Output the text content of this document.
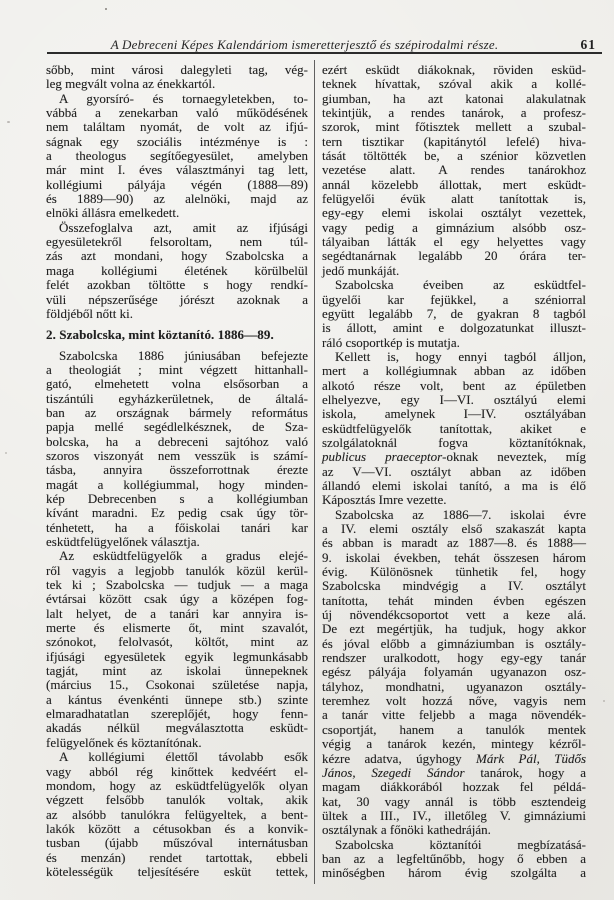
A Debreceni Képes Kalendáriom ismeretterjesztő és szépirodalmi része.	61
sőbb, mint városi dalegyleti tag, vég-
leg megvált volna az énekkartól.
A gyorsíró- és tornaegyletekben, to-
vábbá a zenekarban való működésének
nem találtam nyomát, de volt az ifjú-
ságnak egy szociális intézménye is :
a theologus segítőegyesület, amelyben
már mint I. éves választmányi tag lett,
kollégiumi pályája végén (1888—89)
és 1889—90) az alelnöki, majd az
elnöki állásra emelkedett.
Összefoglalva azt, amit az ifjúsági
egyesületekről felsoroltam, nem túl-
zás azt mondani, hogy Szabolcska a
maga kollégiumi életének körülbelül
felét azokban töltötte s hogy rendkí-
vüli népszerűsége jórészt azoknak a
földjéből nőtt ki.
2. Szabolcska, mint köztanító. 1886—89.
Szabolcska 1886 júniusában befejezte
a theologiát ; mint végzett hittanhall-
gató, elmehetett volna elsősorban a
tiszántúli egyházkerületnek, de általá-
ban az országnak bármely református
papja mellé segédlelkésznek, de Sza-
bolcska, ha a debreceni sajtóhoz való
szoros viszonyát nem vesszük is számí-
tásba, annyira összeforrottnak érezte
magát a kollégiummal, hogy minden-
kép Debrecenben s a kollégiumban
kívánt maradni. Ez pedig csak úgy tör-
ténhetett, ha a főiskolai tanári kar
esküdtfelügyelőnek választja.
Az esküdtfelügyelők a gradus elejé-
ről vagyis a legjobb tanulók közül kerül-
tek ki ; Szabolcska — tudjuk — a maga
évtársai között csak úgy a középen fog-
lalt helyet, de a tanári kar annyira is-
merte és elismerte őt, mint szavalót,
szónokot, felolvasót, költőt, mint az
ifjúsági egyesületek egyik legmunkásabb
tagját, mint az iskolai ünnepeknek
(március 15., Csokonai születése napja,
a kántus évenkénti ünnepe stb.) szinte
elmaradhatatlan szereplőjét, hogy fenn-
akadás nélkül megválasztotta esküdt-
felügyelőnek és köztanítónak.
A kollégiumi élettől távolabb esők
vagy abból rég kinőttek kedvéért el-
mondom, hogy az esküdtfelügyelők olyan
végzett felsőbb tanulók voltak, akik
az alsóbb tanulókra felügyeltek, a bent-
lakók között a cétusokban és a konvik-
tusban (újabb műszóval internátusban
és menzán) rendet tartottak, ebbeli
kötelességük teljesítésére esküt tettek,
ezért esküdt diákoknak, röviden esküd-
teknek hívattak, szóval akik a kollé-
giumban, ha azt katonai alakulatnak
tekintjük, a rendes tanárok, a profesz-
szorok, mint főtisztek mellett a szubal-
tern tisztikar (kapitánytól lefelé) hiva-
tását töltötték be, a szénior közvetlen
vezetése alatt. A rendes tanárokhoz
annál közelebb állottak, mert esküdt-
felügyelői évük alatt tanítottak is,
egy-egy elemi iskolai osztályt vezettek,
vagy pedig a gimnázium alsóbb osz-
tályaiban látták el egy helyettes vagy
segédtanárnak legalább 20 órára ter-
jedő munkáját.
Szabolcska éveiben az esküdtfel-
ügyelői kar fejükkel, a széniorral
együtt legalább 7, de gyakran 8 tagból
is állott, amint e dolgozatunkat illuszt-
ráló csoportkép is mutatja.
Kellett is, hogy ennyi tagból álljon,
mert a kollégiumnak abban az időben
alkotó része volt, bent az épületben
elhelyezve, egy I—VI. osztályú elemi
iskola, amelynek I—IV. osztályában
esküdtfelügyelők tanítottak, akiket e
szolgálatoknál fogva köztanítóknak,
publicus praeceptor-oknak neveztek, míg
az V—VI. osztályt abban az időben
állandó elemi iskolai tanító, a ma is élő
Káposztás Imre vezette.
Szabolcska az 1886—7. iskolai évre
a IV. elemi osztály első szakaszát kapta
és abban is maradt az 1887—8. és 1888—
9. iskolai években, tehát összesen három
évig. Különösnek tünhetik fel, hogy
Szabolcska mindvégig a IV. osztályt
tanította, tehát minden évben egészen
új növendékcsoportot vett a keze alá.
De ezt megértjük, ha tudjuk, hogy akkor
és jóval előbb a gimnáziumban is osztály-
rendszer uralkodott, hogy egy-egy tanár
egész pályája folyamán ugyanazon osz-
tályhoz, mondhatni, ugyanazon osztály-
teremhez volt hozzá nőve, vagyis nem
a tanár vitte feljebb a maga növendék-
csoportját, hanem a tanulók mentek
végig a tanárok kezén, mintegy kézről-
kézre adatva, úgyhogy Márk Pál, Tüdős
János, Szegedi Sándor tanárok, hogy a
magam diákkorából hozzak fel példá-
kat, 30 vagy annál is több esztendeig
ültek a III., IV., illetőleg V. gimnáziumi
osztálynak a főnöki kathedráján.
Szabolcska köztanítói megbízatásá-
ban az a legfeltűnőbb, hogy ő ebben a
minőségben három évig szolgálta a
